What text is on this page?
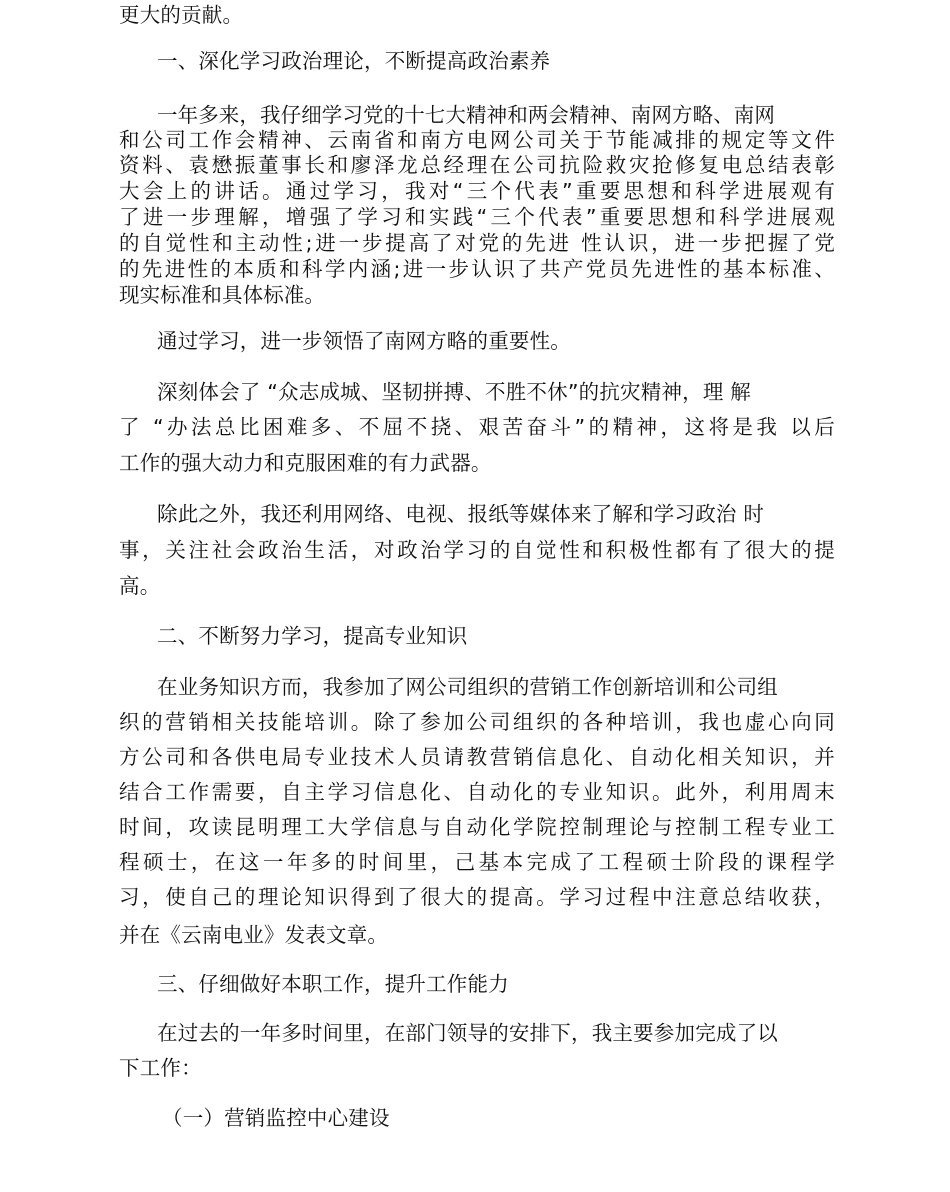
更大的贡献。
一、深化学习政治理论，不断提高政治素养
一年多来，我仔细学习党的十七大精神和两会精神、南网方略、南网
和公司工作会精神、云南省和南方电网公司关于节能减排的规定等文件
资料、袁懋振董事长和廖泽龙总经理在公司抗险救灾抢修复电总结表彰
大会上的讲话。通过学习，我对“三个代表”重要思想和科学进展观有
了进一步理解，增强了学习和实践“三个代表”重要思想和科学进展观
的自觉性和主动性;进一步提高了对党的先进 性认识，进一步把握了党
的先进性的本质和科学内涵;进一步认识了共产党员先进性的基本标准、
现实标准和具体标准。
通过学习，进一步领悟了南网方略的重要性。
深刻体会了 “众志成城、坚韧拼搏、不胜不休”的抗灾精神，理 解
了 “办法总比困难多、不屈不挠、艰苦奋斗”的精神，这将是我 以后
工作的强大动力和克服困难的有力武器。
除此之外，我还利用网络、电视、报纸等媒体来了解和学习政治 时
事，关注社会政治生活，对政治学习的自觉性和积极性都有了很大的提
高。
二、不断努力学习，提高专业知识
在业务知识方而，我参加了网公司组织的营销工作创新培训和公司组
织的营销相关技能培训。除了参加公司组织的各种培训，我也虚心向同
方公司和各供电局专业技术人员请教营销信息化、自动化相关知识，并
结合工作需要，自主学习信息化、自动化的专业知识。此外，利用周末
时间，攻读昆明理工大学信息与自动化学院控制理论与控制工程专业工
程硕士，在这一年多的时间里，己基本完成了工程硕士阶段的课程学
习，使自己的理论知识得到了很大的提高。学习过程中注意总结收获，
并在《云南电业》发表文章。
三、仔细做好本职工作，提升工作能力
在过去的一年多时间里，在部门领导的安排下，我主要参加完成了以
下工作：
（一）营销监控中心建设
